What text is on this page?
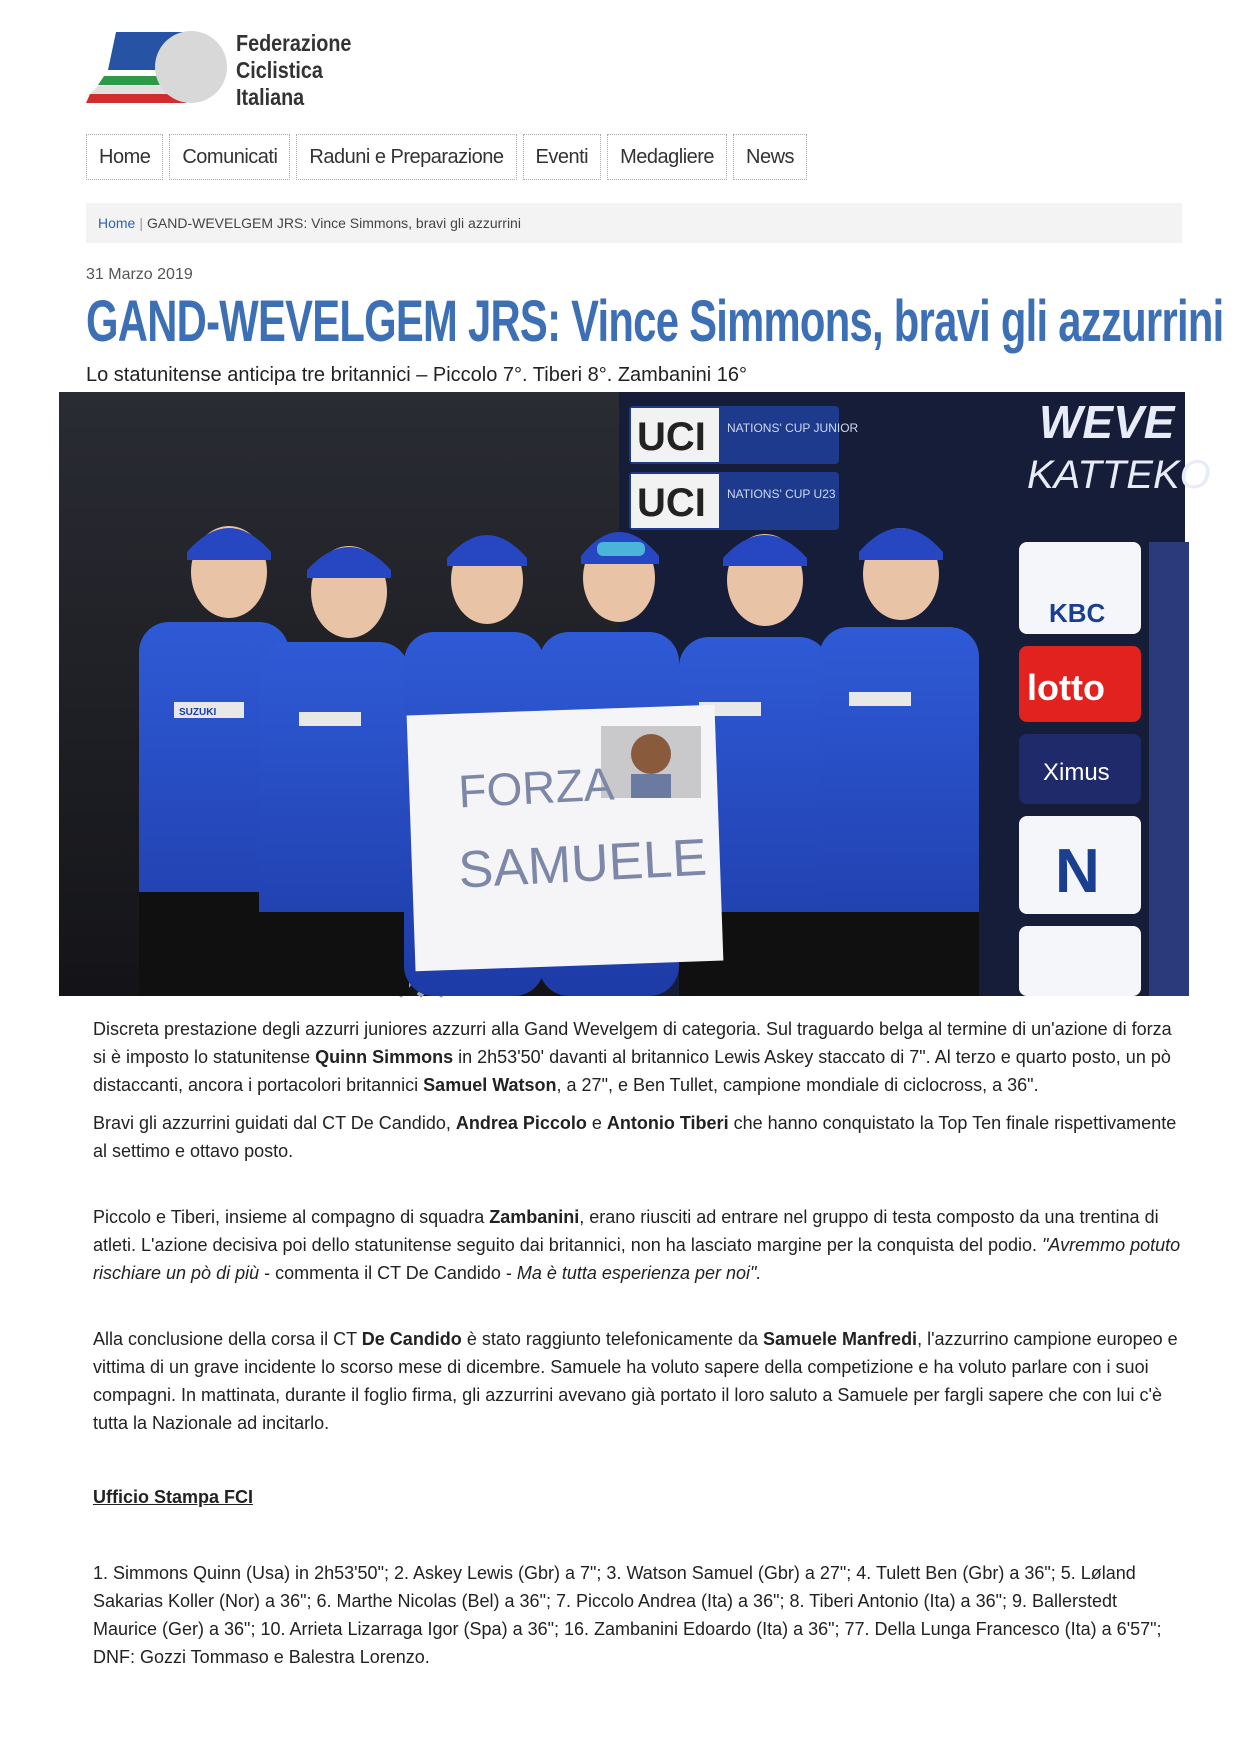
Federazione
Ciclistica
Italiana
Home	Comunicati	Raduni e Preparazione	Eventi	Medagliere	News
Home | GAND-WEVELGEM JRS: Vince Simmons, bravi gli azzurrini
31 Marzo 2019
GAND-WEVELGEM JRS: Vince Simmons, bravi gli azzurrini
Lo statunitense anticipa tre britannici – Piccolo 7°. Tiberi 8°. Zambanini 16°
UCI NATIONS' CUP JUNIOR
UCI NATIONS' CUP U23
WEVE
KATTEKO
KBC
lotto
Ximus
N
SUZUKI
FORZA
SAMUELE

Discreta prestazione degli azzurri juniores azzurri alla Gand Wevelgem di categoria. Sul traguardo belga al termine di un'azione di forza si è imposto lo statunitense Quinn Simmons in 2h53'50' davanti al britannico Lewis Askey staccato di 7". Al terzo e quarto posto, un pò distaccanti, ancora i portacolori britannici Samuel Watson, a 27", e Ben Tullet, campione mondiale di ciclocross, a 36".

Bravi gli azzurrini guidati dal CT De Candido, Andrea Piccolo e Antonio Tiberi che hanno conquistato la Top Ten finale rispettivamente al settimo e ottavo posto.

Piccolo e Tiberi, insieme al compagno di squadra Zambanini, erano riusciti ad entrare nel gruppo di testa composto da una trentina di atleti. L'azione decisiva poi dello statunitense seguito dai britannici, non ha lasciato margine per la conquista del podio. "Avremmo potuto rischiare un pò di più - commenta il CT De Candido - Ma è tutta esperienza per noi".

Alla conclusione della corsa il CT De Candido è stato raggiunto telefonicamente da Samuele Manfredi, l'azzurrino campione europeo e vittima di un grave incidente lo scorso mese di dicembre. Samuele ha voluto sapere della competizione e ha voluto parlare con i suoi compagni. In mattinata, durante il foglio firma, gli azzurrini avevano già portato il loro saluto a Samuele per fargli sapere che con lui c'è tutta la Nazionale ad incitarlo.

Ufficio Stampa FCI

1. Simmons Quinn (Usa) in 2h53'50"; 2. Askey Lewis (Gbr) a 7"; 3. Watson Samuel (Gbr) a 27"; 4. Tulett Ben (Gbr) a 36"; 5. Løland Sakarias Koller (Nor) a 36"; 6. Marthe Nicolas (Bel) a 36"; 7. Piccolo Andrea (Ita) a 36"; 8. Tiberi Antonio (Ita) a 36"; 9. Ballerstedt Maurice (Ger) a 36"; 10. Arrieta Lizarraga Igor (Spa) a 36"; 16. Zambanini Edoardo (Ita) a 36"; 77. Della Lunga Francesco (Ita) a 6'57"; DNF: Gozzi Tommaso e Balestra Lorenzo.
